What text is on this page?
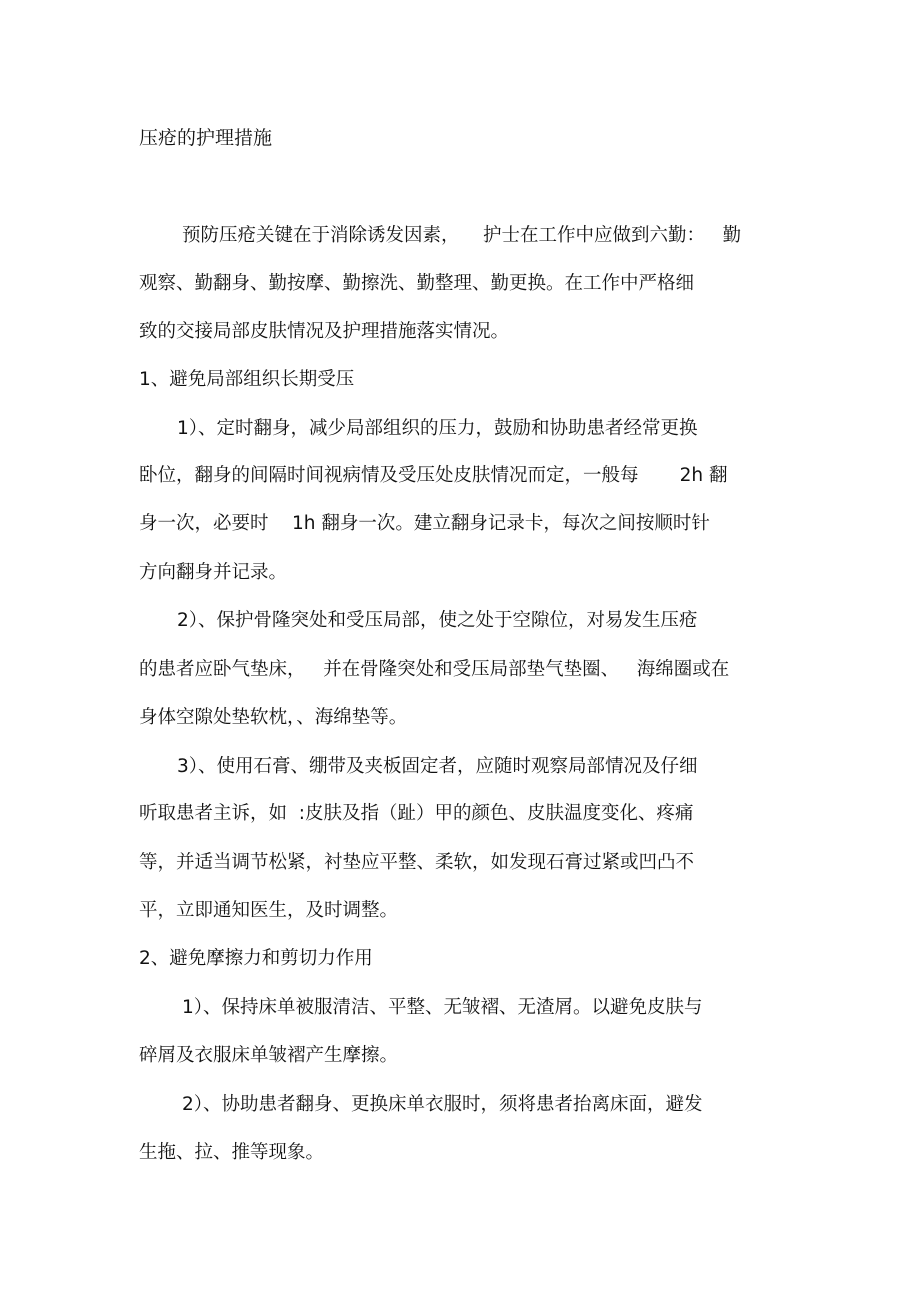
压疮的护理措施
预防压疮关键在于消除诱发因素，    护士在工作中应做到六勤：   勤
观察、勤翻身、勤按摩、勤擦洗、勤整理、勤更换。在工作中严格细
致的交接局部皮肤情况及护理措施落实情况。
1、避免局部组织长期受压
1）、定时翻身，减少局部组织的压力，鼓励和协助患者经常更换
卧位，翻身的间隔时间视病情及受压处皮肤情况而定，一般每       2h 翻
身一次，必要时    1h 翻身一次。建立翻身记录卡，每次之间按顺时针
方向翻身并记录。
2）、保护骨隆突处和受压局部，使之处于空隙位，对易发生压疮
的患者应卧气垫床，   并在骨隆突处和受压局部垫气垫圈、   海绵圈或在
身体空隙处垫软枕，、海绵垫等。
3）、使用石膏、绷带及夹板固定者，应随时观察局部情况及仔细
听取患者主诉，如  :皮肤及指（趾）甲的颜色、皮肤温度变化、疼痛
等，并适当调节松紧，衬垫应平整、柔软，如发现石膏过紧或凹凸不
平，立即通知医生，及时调整。
2、避免摩擦力和剪切力作用
1）、保持床单被服清洁、平整、无皱褶、无渣屑。以避免皮肤与
碎屑及衣服床单皱褶产生摩擦。
2）、协助患者翻身、更换床单衣服时，须将患者抬离床面，避发
生拖、拉、推等现象。
